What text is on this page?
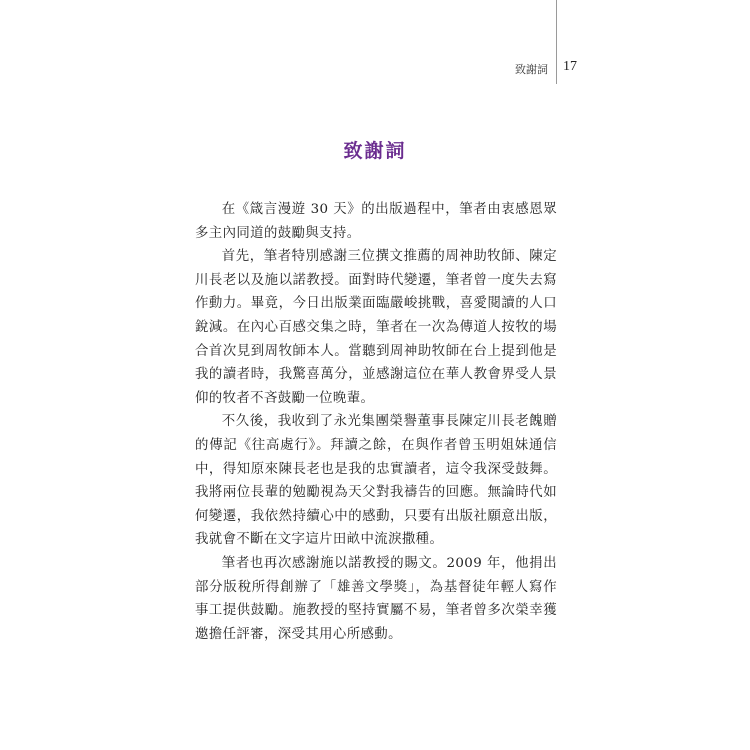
致謝詞 17
致謝詞

在《箴言漫遊 30 天》的出版過程中，筆者由衷感恩眾多主內同道的鼓勵與支持。

首先，筆者特別感謝三位撰文推薦的周神助牧師、陳定川長老以及施以諾教授。面對時代變遷，筆者曾一度失去寫作動力。畢竟，今日出版業面臨嚴峻挑戰，喜愛閱讀的人口銳減。在內心百感交集之時，筆者在一次為傳道人按牧的場合首次見到周牧師本人。當聽到周神助牧師在台上提到他是我的讀者時，我驚喜萬分，並感謝這位在華人教會界受人景仰的牧者不吝鼓勵一位晚輩。

不久後，我收到了永光集團榮譽董事長陳定川長老餽贈的傳記《往高處行》。拜讀之餘，在與作者曾玉明姐妹通信中，得知原來陳長老也是我的忠實讀者，這令我深受鼓舞。我將兩位長輩的勉勵視為天父對我禱告的回應。無論時代如何變遷，我依然持續心中的感動，只要有出版社願意出版，我就會不斷在文字這片田畝中流淚撒種。

筆者也再次感謝施以諾教授的賜文。2009 年，他捐出部分版稅所得創辦了「雄善文學獎」，為基督徒年輕人寫作事工提供鼓勵。施教授的堅持實屬不易，筆者曾多次榮幸獲邀擔任評審，深受其用心所感動。
